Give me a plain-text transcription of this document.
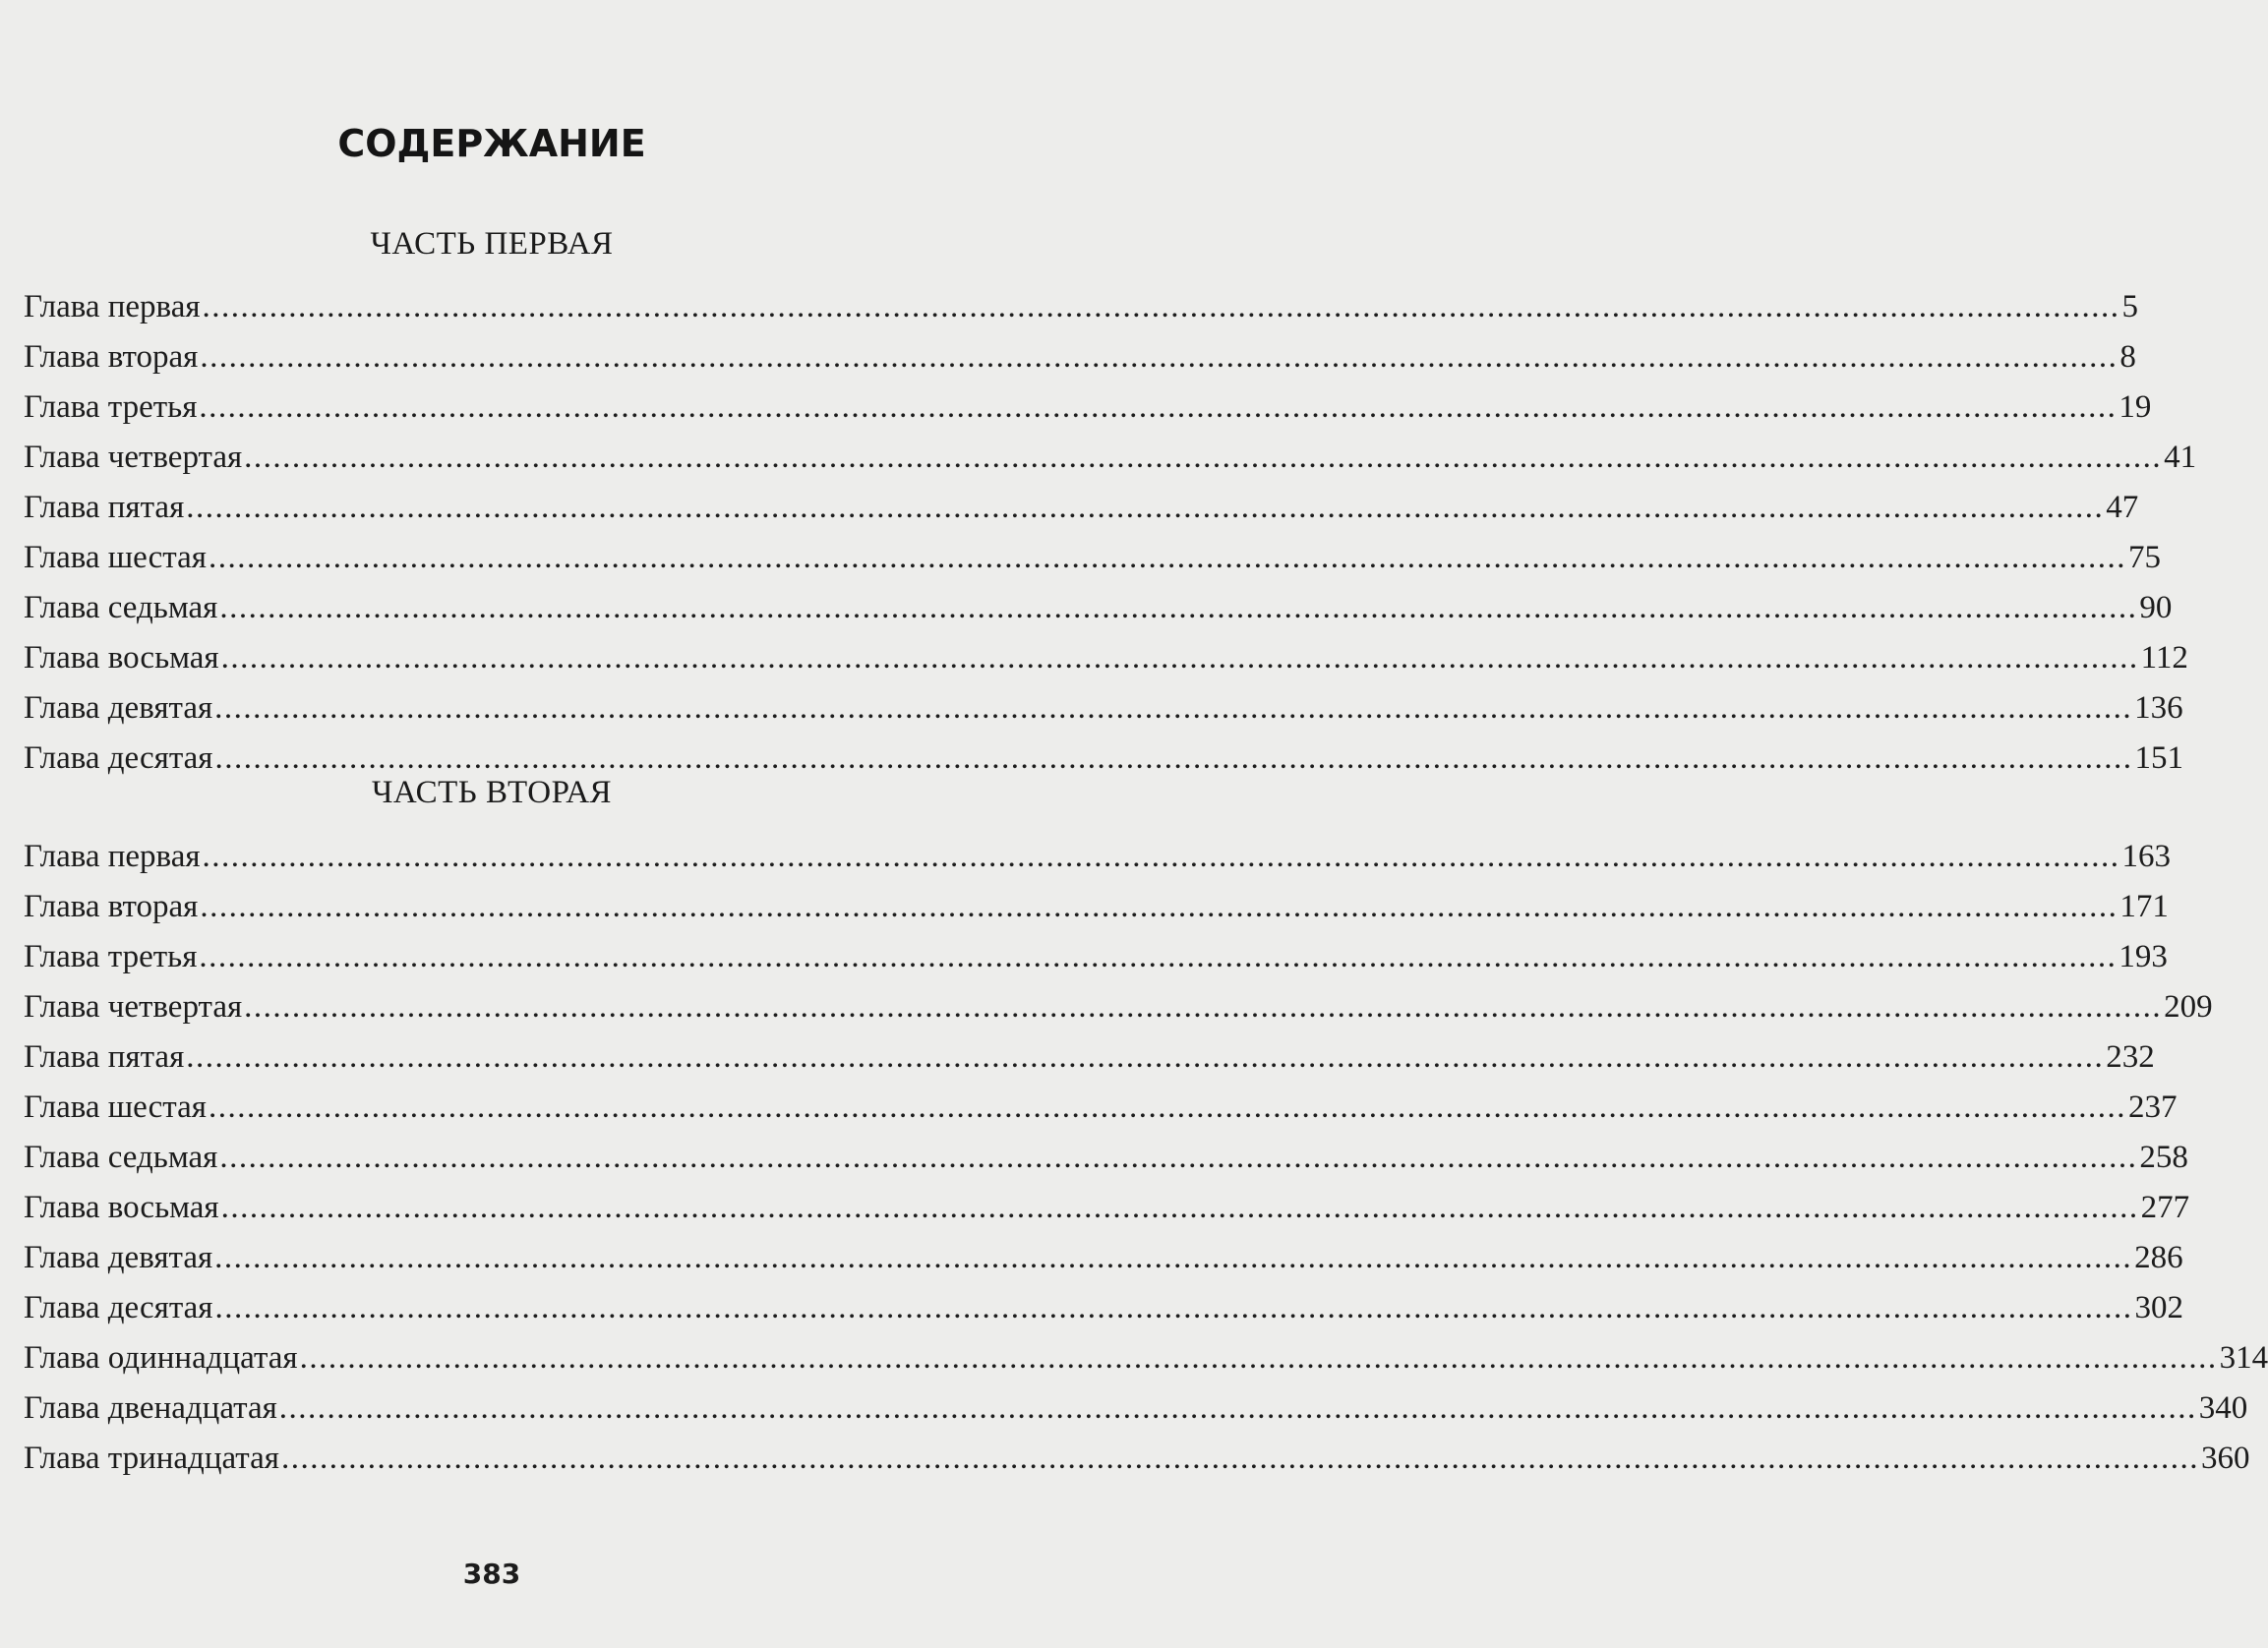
СОДЕРЖАНИЕ
ЧАСТЬ ПЕРВАЯ
Глава первая ........................................................................................................................................................................................................ 5
Глава вторая ........................................................................................................................................................................................................ 8
Глава третья ........................................................................................................................................................................................................ 19
Глава четвертая ........................................................................................................................................................................................................ 41
Глава пятая ........................................................................................................................................................................................................ 47
Глава шестая ........................................................................................................................................................................................................ 75
Глава седьмая ........................................................................................................................................................................................................ 90
Глава восьмая ........................................................................................................................................................................................................ 112
Глава девятая ........................................................................................................................................................................................................ 136
Глава десятая ........................................................................................................................................................................................................ 151
ЧАСТЬ ВТОРАЯ
Глава первая ........................................................................................................................................................................................................ 163
Глава вторая ........................................................................................................................................................................................................ 171
Глава третья ........................................................................................................................................................................................................ 193
Глава четвертая ........................................................................................................................................................................................................ 209
Глава пятая ........................................................................................................................................................................................................ 232
Глава шестая ........................................................................................................................................................................................................ 237
Глава седьмая ........................................................................................................................................................................................................ 258
Глава восьмая ........................................................................................................................................................................................................ 277
Глава девятая ........................................................................................................................................................................................................ 286
Глава десятая ........................................................................................................................................................................................................ 302
Глава одиннадцатая ........................................................................................................................................................................................................ 314
Глава двенадцатая ........................................................................................................................................................................................................ 340
Глава тринадцатая ........................................................................................................................................................................................................ 360
383
